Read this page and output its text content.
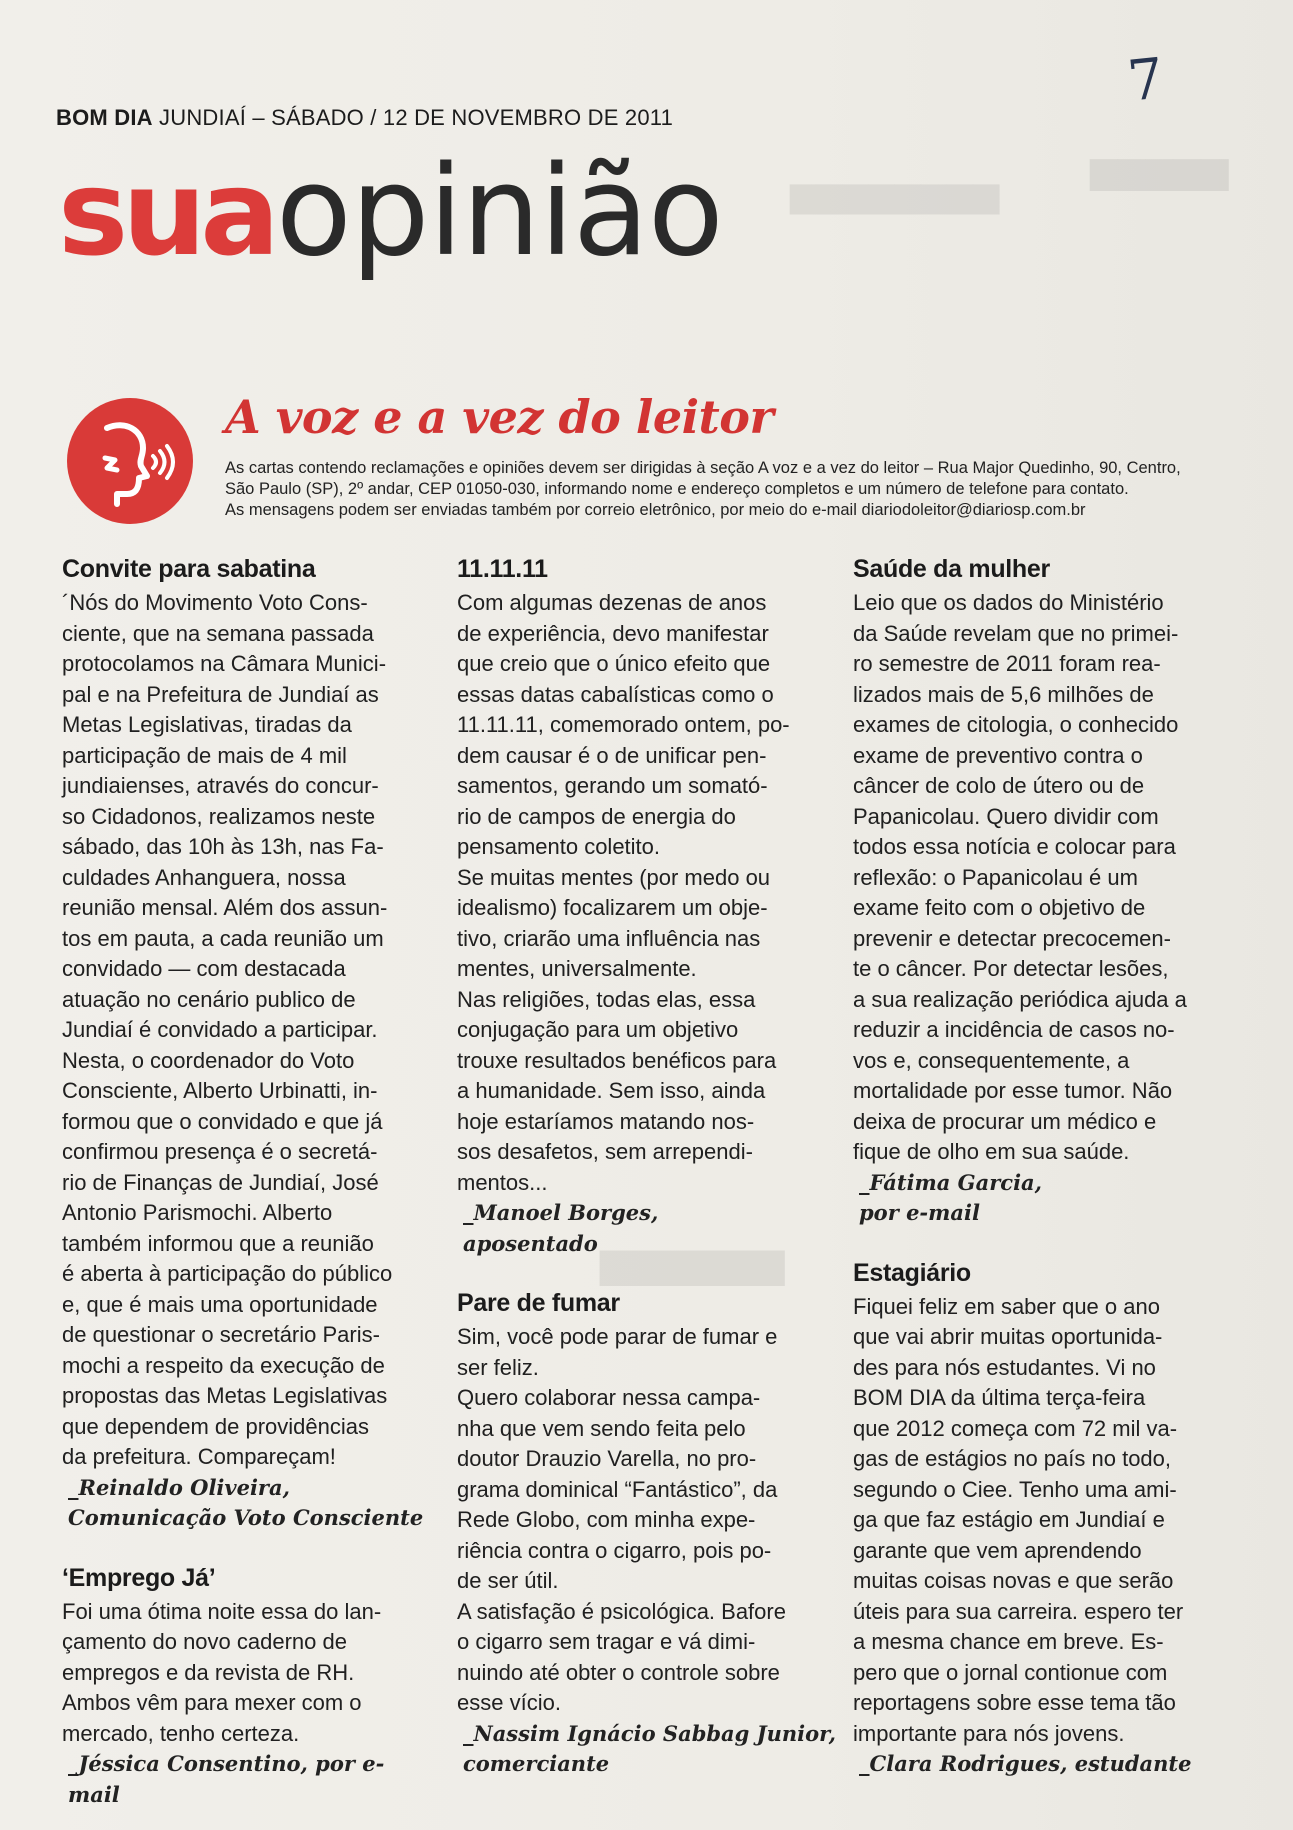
▆▆▆▆▆▆▆▆
▆▆▆▆▆
▆▆▆▆▆▆
BOM DIA JUNDIAÍ – SÁBADO / 12 DE NOVEMBRO DE 2011
7
suaopinião
A voz e a vez do leitor
As cartas contendo reclamações e opiniões devem ser dirigidas à seção A voz e a vez do leitor – Rua Major Quedinho, 90, Centro,
São Paulo (SP), 2º andar, CEP 01050-030, informando nome e endereço completos e um número de telefone para contato.
As mensagens podem ser enviadas também por correio eletrônico, por meio do e-mail diariodoleitor@diariosp.com.br
Convite para sabatina

´Nós do Movimento Voto Cons-
ciente, que na semana passada
protocolamos na Câmara Munici-
pal e na Prefeitura de Jundiaí as
Metas Legislativas, tiradas da
participação de mais de 4 mil
jundiaienses, através do concur-
so Cidadonos, realizamos neste
sábado, das 10h às 13h, nas Fa-
culdades Anhanguera, nossa
reunião mensal. Além dos assun-
tos em pauta, a cada reunião um
convidado — com destacada
atuação no cenário publico de
Jundiaí é convidado a participar.
Nesta, o coordenador do Voto
Consciente, Alberto Urbinatti, in-
formou que o convidado e que já
confirmou presença é o secretá-
rio de Finanças de Jundiaí, José
Antonio Parismochi. Alberto
também informou que a reunião
é aberta à participação do público
e, que é mais uma oportunidade
de questionar o secretário Paris-
mochi a respeito da execução de
propostas das Metas Legislativas
que dependem de providências
da prefeitura. Compareçam!
_Reinaldo Oliveira,
Comunicação Voto Consciente

‘Emprego Já’

Foi uma ótima noite essa do lan-
çamento do novo caderno de
empregos e da revista de RH.
Ambos vêm para mexer com o
mercado, tenho certeza.
_Jéssica Consentino, por e-mail

11.11.11

Com algumas dezenas de anos
de experiência, devo manifestar
que creio que o único efeito que
essas datas cabalísticas como o
11.11.11, comemorado ontem, po-
dem causar é o de unificar pen-
samentos, gerando um somató-
rio de campos de energia do
pensamento coletito.
Se muitas mentes (por medo ou
idealismo) focalizarem um obje-
tivo, criarão uma influência nas
mentes, universalmente.
Nas religiões, todas elas, essa
conjugação para um objetivo
trouxe resultados benéficos para
a humanidade. Sem isso, ainda
hoje estaríamos matando nos-
sos desafetos, sem arrependi-
mentos...
_Manoel Borges,
aposentado

Pare de fumar

Sim, você pode parar de fumar e
ser feliz.
Quero colaborar nessa campa-
nha que vem sendo feita pelo
doutor Drauzio Varella, no pro-
grama dominical “Fantástico”, da
Rede Globo, com minha expe-
riência contra o cigarro, pois po-
de ser útil.
A satisfação é psicológica. Bafore
o cigarro sem tragar e vá dimi-
nuindo até obter o controle sobre
esse vício.
_Nassim Ignácio Sabbag Junior,
comerciante

Saúde da mulher

Leio que os dados do Ministério
da Saúde revelam que no primei-
ro semestre de 2011 foram rea-
lizados mais de 5,6 milhões de
exames de citologia, o conhecido
exame de preventivo contra o
câncer de colo de útero ou de
Papanicolau. Quero dividir com
todos essa notícia e colocar para
reflexão: o Papanicolau é um
exame feito com o objetivo de
prevenir e detectar precocemen-
te o câncer. Por detectar lesões,
a sua realização periódica ajuda a
reduzir a incidência de casos no-
vos e, consequentemente, a
mortalidade por esse tumor. Não
deixa de procurar um médico e
fique de olho em sua saúde.
_Fátima Garcia,
por e-mail

Estagiário

Fiquei feliz em saber que o ano
que vai abrir muitas oportunida-
des para nós estudantes. Vi no
BOM DIA da última terça-feira
que 2012 começa com 72 mil va-
gas de estágios no país no todo,
segundo o Ciee. Tenho uma ami-
ga que faz estágio em Jundiaí e
garante que vem aprendendo
muitas coisas novas e que serão
úteis para sua carreira. espero ter
a mesma chance em breve. Es-
pero que o jornal contionue com
reportagens sobre esse tema tão
importante para nós jovens.
_Clara Rodrigues, estudante
